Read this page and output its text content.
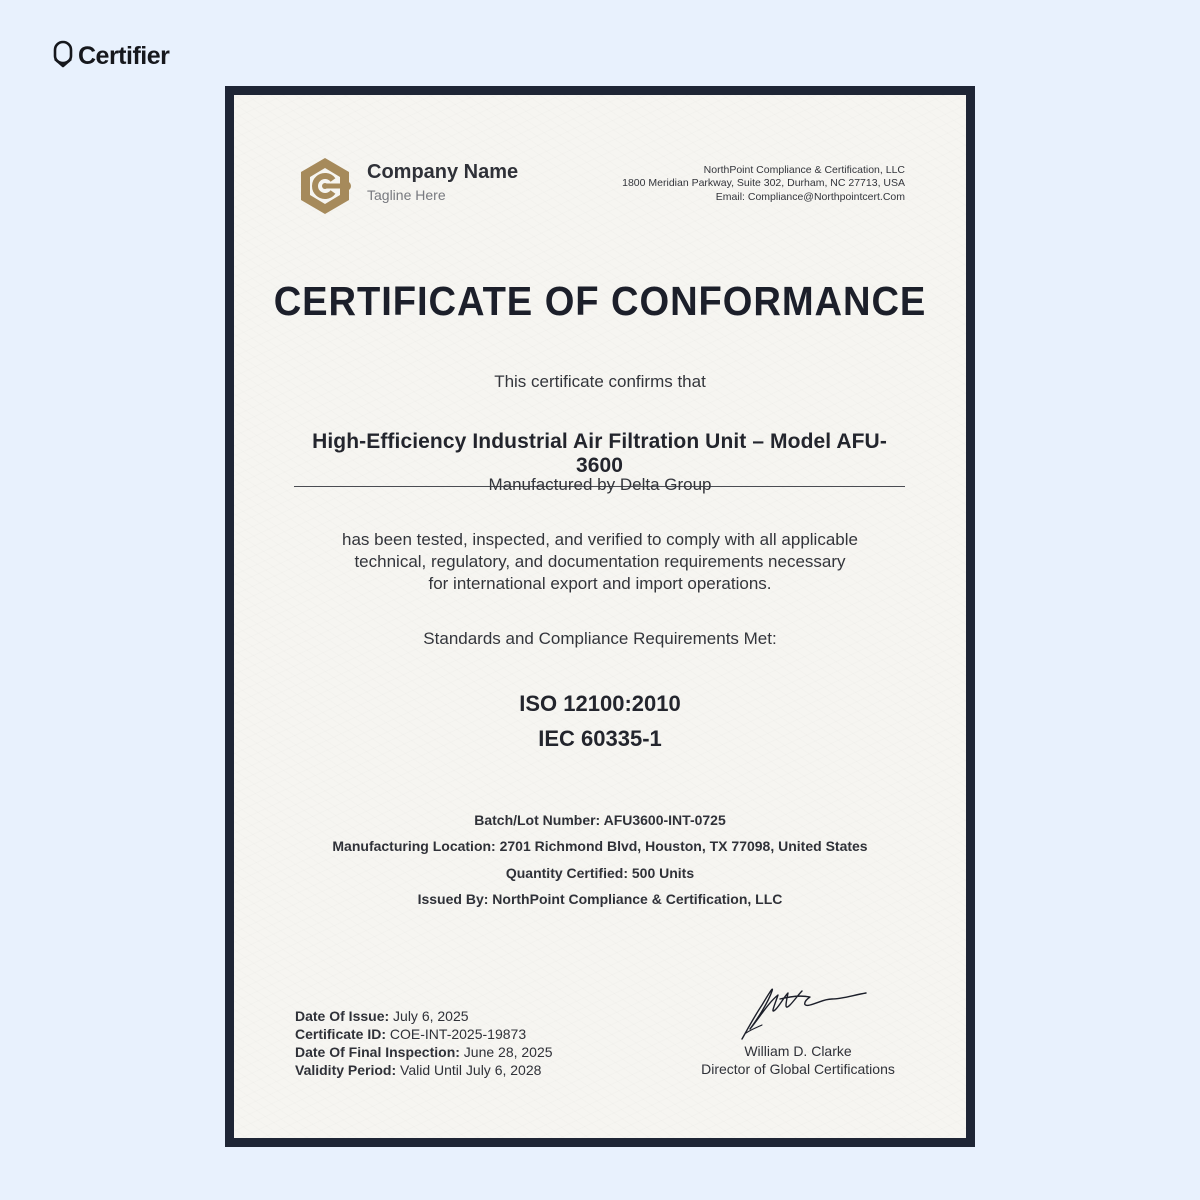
Certifier
Company Name
Tagline Here
NorthPoint Compliance & Certification, LLC
1800 Meridian Parkway, Suite 302, Durham, NC 27713, USA
Email: Compliance@Northpointcert.Com
CERTIFICATE OF CONFORMANCE
This certificate confirms that
High-Efficiency Industrial Air Filtration Unit – Model AFU-3600
Manufactured by Delta Group
has been tested, inspected, and verified to comply with all applicable
technical, regulatory, and documentation requirements necessary
for international export and import operations.
Standards and Compliance Requirements Met:
ISO 12100:2010
IEC 60335-1
Batch/Lot Number: AFU3600-INT-0725
Manufacturing Location: 2701 Richmond Blvd, Houston, TX 77098, United States
Quantity Certified: 500 Units
Issued By: NorthPoint Compliance & Certification, LLC
Date Of Issue: July 6, 2025
Certificate ID: COE-INT-2025-19873
Date Of Final Inspection: June 28, 2025
Validity Period: Valid Until July 6, 2028
William D. Clarke
Director of Global Certifications
